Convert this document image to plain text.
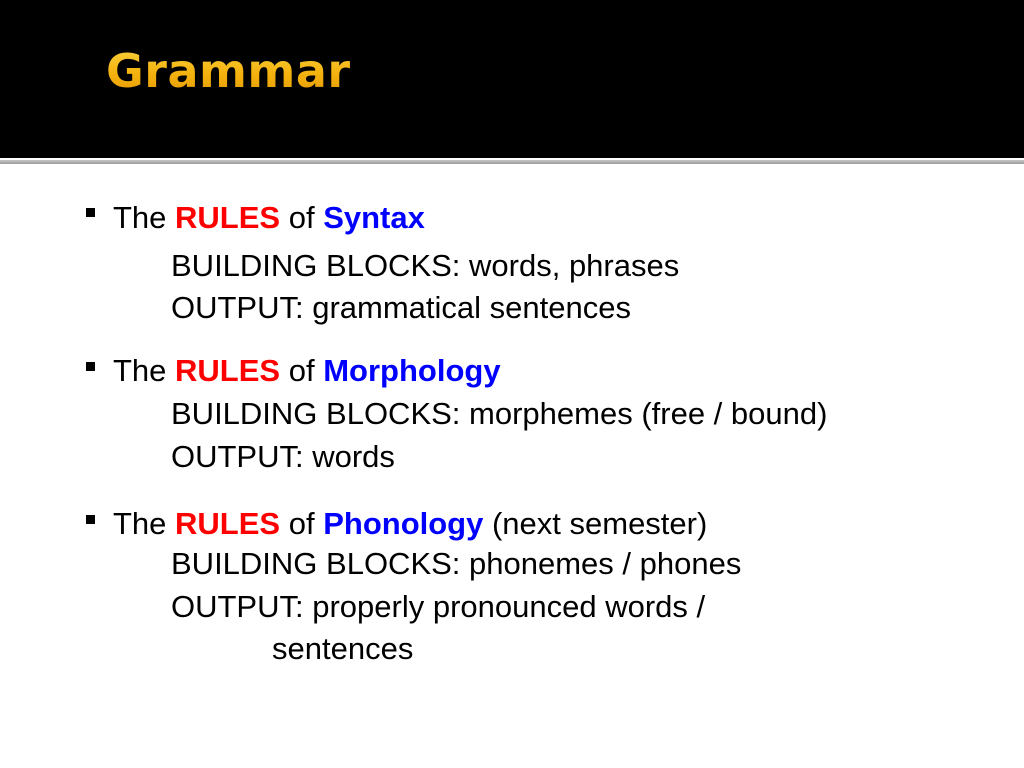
Grammar
The RULES of Syntax
BUILDING BLOCKS: words, phrases
OUTPUT: grammatical sentences
The RULES of Morphology
BUILDING BLOCKS: morphemes (free / bound)
OUTPUT: words
The RULES of Phonology (next semester)
BUILDING BLOCKS: phonemes / phones
OUTPUT: properly pronounced words /
sentences
